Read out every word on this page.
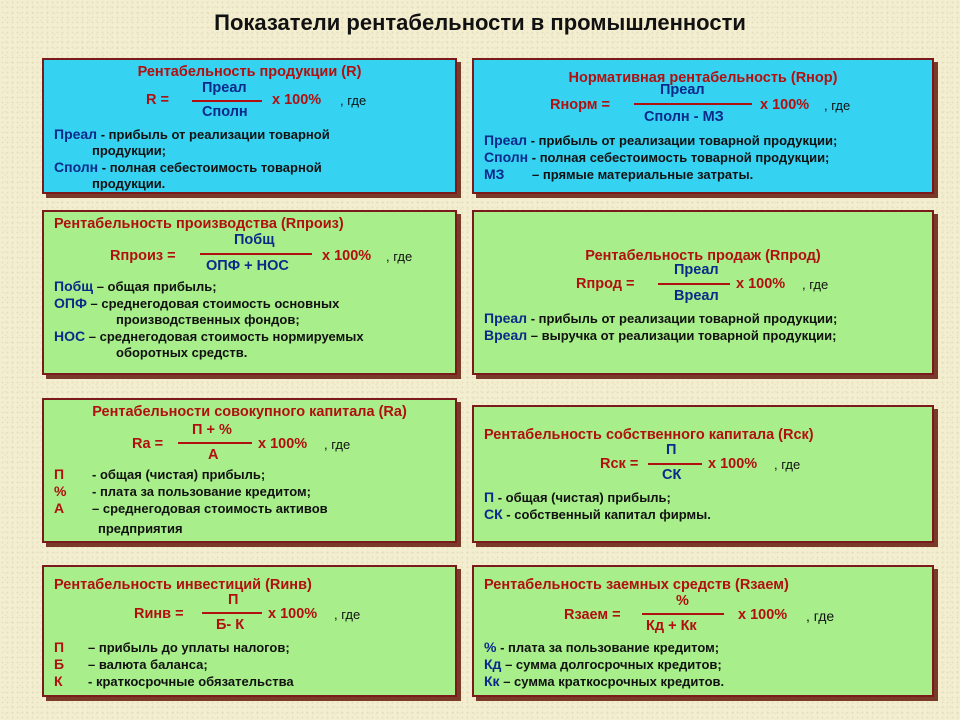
Показатели рентабельности в промышленности
Рентабельность продукции (R)
R =
Преал
Сполн
x 100% , где
Преал - прибыль от реализации товарной
продукции;
Сполн - полная себестоимость товарной
продукции.
Нормативная рентабельность (Rнор)
Rнорм =
Преал
Сполн - МЗ
x 100% , где
Преал - прибыль от реализации товарной продукции;
Сполн - полная себестоимость товарной продукции;
МЗ – прямые материальные затраты.
Рентабельность производства (Rпроиз)
Rпроиз =
Побщ
ОПФ + НОС
x 100% , где
Побщ – общая прибыль;
ОПФ – среднегодовая стоимость основных
производственных фондов;
НОС – среднегодовая стоимость нормируемых
оборотных средств.
Рентабельность продаж (Rпрод)
Rпрод =
Преал
Вреал
x 100% , где
Преал - прибыль от реализации товарной продукции;
Вреал – выручка от реализации товарной продукции;
Рентабельности совокупного капитала (Rа)
Rа =
П + %
А
x 100% , где
П - общая (чистая) прибыль;
% - плата за пользование кредитом;
А – среднегодовая стоимость активов
предприятия
Рентабельность собственного капитала (Rск)
Rск =
П
СК
x 100% , где
П - общая (чистая) прибыль;
СК - собственный капитал фирмы.
Рентабельность инвестиций (Rинв)
Rинв =
П
Б- К
x 100% , где
П – прибыль до уплаты налогов;
Б – валюта баланса;
К - краткосрочные обязательства
Рентабельность заемных средств (Rзаем)
Rзаем =
%
Кд + Кк
x 100% , где
% - плата за пользование кредитом;
Кд – сумма долгосрочных кредитов;
Кк – сумма краткосрочных кредитов.
